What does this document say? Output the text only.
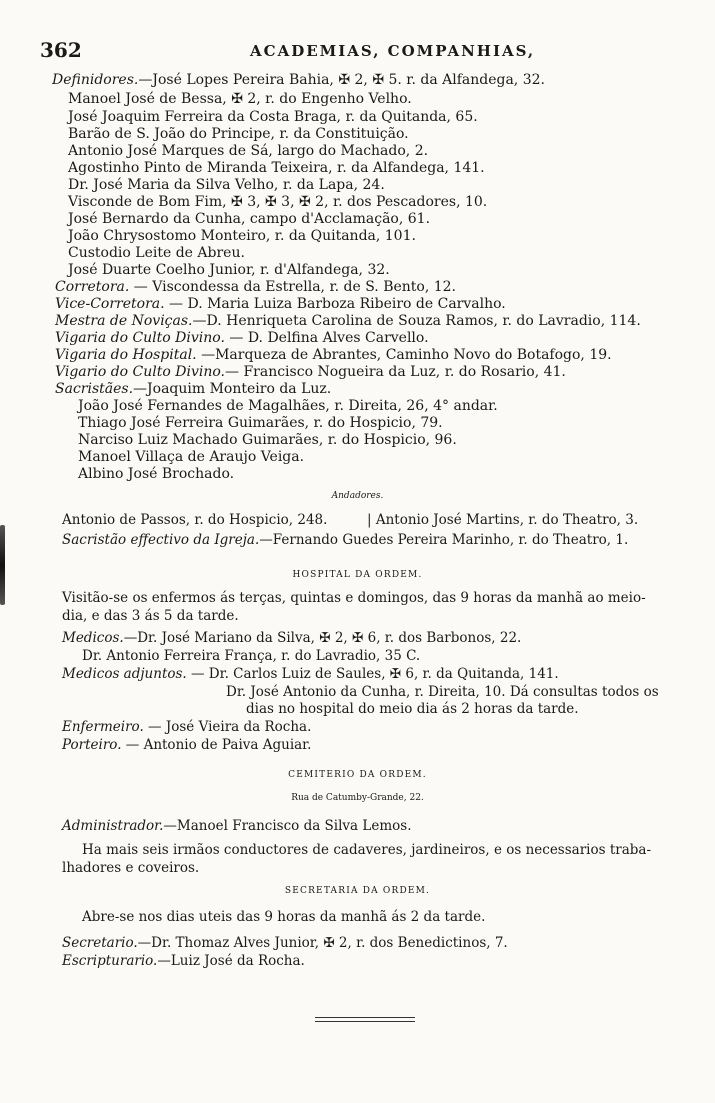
362	ACADEMIAS, COMPANHIAS,
Definidores.—José Lopes Pereira Bahia, ✠ 2, ✠ 5. r. da Alfandega, 32.
Manoel José de Bessa, ✠ 2, r. do Engenho Velho.
José Joaquim Ferreira da Costa Braga, r. da Quitanda, 65.
Barão de S. João do Principe, r. da Constituição.
Antonio José Marques de Sá, largo do Machado, 2.
Agostinho Pinto de Miranda Teixeira, r. da Alfandega, 141.
Dr. José Maria da Silva Velho, r. da Lapa, 24.
Visconde de Bom Fim, ✠ 3, ✠ 3, ✠ 2, r. dos Pescadores, 10.
José Bernardo da Cunha, campo d'Acclamação, 61.
João Chrysostomo Monteiro, r. da Quitanda, 101.
Custodio Leite de Abreu.
José Duarte Coelho Junior, r. d'Alfandega, 32.
Corretora. — Viscondessa da Estrella, r. de S. Bento, 12.
Vice-Corretora. — D. Maria Luiza Barboza Ribeiro de Carvalho.
Mestra de Noviças.—D. Henriqueta Carolina de Souza Ramos, r. do Lavradio, 114.
Vigaria do Culto Divino. — D. Delfina Alves Carvello.
Vigaria do Hospital. —Marqueza de Abrantes, Caminho Novo do Botafogo, 19.
Vigario do Culto Divino.— Francisco Nogueira da Luz, r. do Rosario, 41.
Sacristães.—Joaquim Monteiro da Luz.
João José Fernandes de Magalhães, r. Direita, 26, 4° andar.
Thiago José Ferreira Guimarães, r. do Hospicio, 79.
Narciso Luiz Machado Guimarães, r. do Hospicio, 96.
Manoel Villaça de Araujo Veiga.
Albino José Brochado.
Andadores.
Antonio de Passos, r. do Hospicio, 248.	| Antonio José Martins, r. do Theatro, 3.
Sacristão effectivo da Igreja.—Fernando Guedes Pereira Marinho, r. do Theatro, 1.
HOSPITAL DA ORDEM.
Visitão-se os enfermos ás terças, quintas e domingos, das 9 horas da manhã ao meio-
dia, e das 3 ás 5 da tarde.
Medicos.—Dr. José Mariano da Silva, ✠ 2, ✠ 6, r. dos Barbonos, 22.
Dr. Antonio Ferreira França, r. do Lavradio, 35 C.
Medicos adjuntos. — Dr. Carlos Luiz de Saules, ✠ 6, r. da Quitanda, 141.
Dr. José Antonio da Cunha, r. Direita, 10. Dá consultas todos os
dias no hospital do meio dia ás 2 horas da tarde.
Enfermeiro. — José Vieira da Rocha.
Porteiro. — Antonio de Paiva Aguiar.
CEMITERIO DA ORDEM.
Rua de Catumby-Grande, 22.
Administrador.—Manoel Francisco da Silva Lemos.
Ha mais seis irmãos conductores de cadaveres, jardineiros, e os necessarios traba-
lhadores e coveiros.
SECRETARIA DA ORDEM.
Abre-se nos dias uteis das 9 horas da manhã ás 2 da tarde.
Secretario.—Dr. Thomaz Alves Junior, ✠ 2, r. dos Benedictinos, 7.
Escripturario.—Luiz José da Rocha.
